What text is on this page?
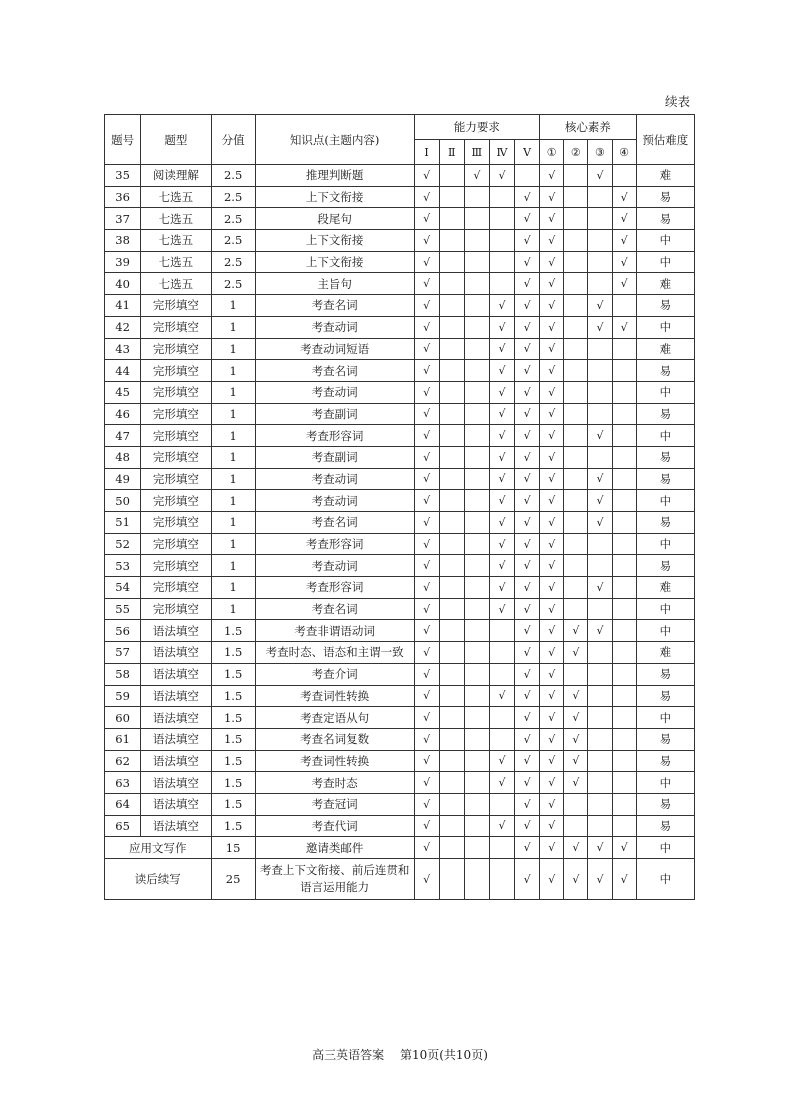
续表
题号	题型	分值	知识点(主题内容)	能力要求					核心素养				预估难度
				Ⅰ	Ⅱ	Ⅲ	Ⅳ	Ⅴ	①	②	③	④	
35	阅读理解	2.5	推理判断题	√		√	√		√		√		难
36	七选五	2.5	上下文衔接	√				√	√			√	易
37	七选五	2.5	段尾句	√				√	√			√	易
38	七选五	2.5	上下文衔接	√				√	√			√	中
39	七选五	2.5	上下文衔接	√				√	√			√	中
40	七选五	2.5	主旨句	√				√	√			√	难
41	完形填空	1	考查名词	√			√	√	√		√		易
42	完形填空	1	考查动词	√			√	√	√		√	√	中
43	完形填空	1	考查动词短语	√			√	√	√				难
44	完形填空	1	考查名词	√			√	√	√				易
45	完形填空	1	考查动词	√			√	√	√				中
46	完形填空	1	考查副词	√			√	√	√				易
47	完形填空	1	考查形容词	√			√	√	√		√		中
48	完形填空	1	考查副词	√			√	√	√				易
49	完形填空	1	考查动词	√			√	√	√		√		易
50	完形填空	1	考查动词	√			√	√	√		√		中
51	完形填空	1	考查名词	√			√	√	√		√		易
52	完形填空	1	考查形容词	√			√	√	√				中
53	完形填空	1	考查动词	√			√	√	√				易
54	完形填空	1	考查形容词	√			√	√	√		√		难
55	完形填空	1	考查名词	√			√	√	√				中
56	语法填空	1.5	考查非谓语动词	√				√	√	√	√		中
57	语法填空	1.5	考查时态、语态和主谓一致	√				√	√	√			难
58	语法填空	1.5	考查介词	√				√	√				易
59	语法填空	1.5	考查词性转换	√			√	√	√	√			易
60	语法填空	1.5	考查定语从句	√				√	√	√			中
61	语法填空	1.5	考查名词复数	√				√	√	√			易
62	语法填空	1.5	考查词性转换	√			√	√	√	√			易
63	语法填空	1.5	考查时态	√			√	√	√	√			中
64	语法填空	1.5	考查冠词	√				√	√				易
65	语法填空	1.5	考查代词	√			√	√	√				易
应用文写作		15	邀请类邮件	√				√	√	√	√	√	中
读后续写		25	考查上下文衔接、前后连贯和语言运用能力	√				√	√	√	√	√	中
高三英语答案 第10页(共10页)
